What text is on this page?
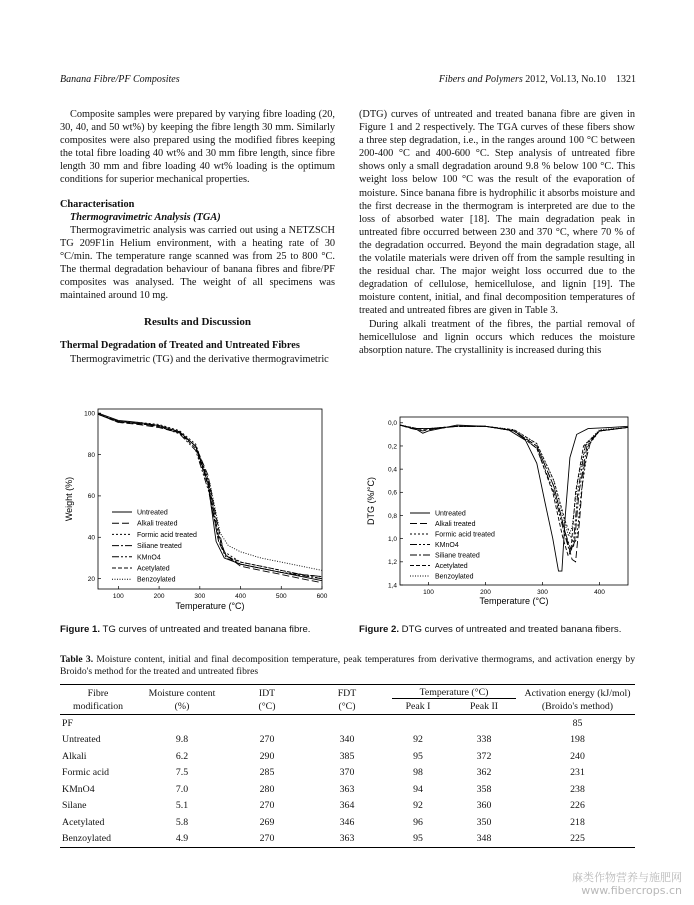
Banana Fibre/PF Composites	Fibers and Polymers 2012, Vol.13, No.10    1321

Composite samples were prepared by varying fibre loading (20, 30, 40, and 50 wt%) by keeping the fibre length 30 mm. Similarly composites were also prepared using the modified fibres keeping the total fibre loading 40 wt% and 30 mm fibre length, since fibre length 30 mm and fibre loading 40 wt% loading is the optimum conditions for superior mechanical properties.

Characterisation

Thermogravimetric Analysis (TGA)

Thermogravimetric analysis was carried out using a NETZSCH TG 209F1in Helium environment, with a heating rate of 30 °C/min. The temperature range scanned was from 25 to 800 °C. The thermal degradation behaviour of banana fibres and fibre/PF composites was analysed. The weight of all specimens was maintained around 10 mg.

Results and Discussion

Thermal Degradation of Treated and Untreated Fibres

Thermogravimetric (TG) and the derivative thermogravimetric

(DTG) curves of untreated and treated banana fibre are given in Figure 1 and 2 respectively. The TGA curves of these fibers show a three step degradation, i.e., in the ranges around 100 °C between 200-400 °C and 400-600 °C. Step analysis of untreated fibre shows only a small degradation around 9.8 % below 100 °C. This weight loss below 100 °C was the result of the evaporation of moisture. Since banana fibre is hydrophilic it absorbs moisture and the first decrease in the thermogram is interpreted are due to the loss of absorbed water [18]. The main degradation peak in untreated fibre occurred between 230 and 370 °C, where 70 % of the degradation occurred. Beyond the main degradation stage, all the volatile materials were driven off from the sample resulting in the residual char. The major weight loss occurred due to the degradation of cellulose, hemicellulose, and lignin [19]. The moisture content, initial, and final decomposition temperatures of treated and untreated fibres are given in Table 3.

During alkali treatment of the fibres, the partial removal of hemicellulose and lignin occurs which reduces the moisture absorption nature. The crystallinity is increased during this

100	200	300	400	500	600
20
40
60
80
100
Temperature (°C)
Weight (%)	Untreated
Alkali treated
Formic acid treated
Siliane treated
KMnO4
Acetylated
Benzoylated
Figure 1. TG curves of untreated and treated banana fibre.
100	200	300	400
0,0
0,2
0,4
0,6
0,8
1,0
1,2
1,4
Temperature (°C)
DTG (%/°C)	Untreated
Alkali treated
Formic acid treated
KMnO4
Siliane treated
Acetylated
Benzoylated
Figure 2. DTG curves of untreated and treated banana fibers.
Table 3. Moisture content, initial and final decomposition temperature, peak temperatures from derivative thermograms, and activation energy by Broido's method for the treated and untreated fibres
Fibre	Moisture content	IDT	FDT	Temperature (°C)		Activation energy (kJ/mol)
modification	(%)	(°C)	(°C)	Peak I	Peak II	(Broido's method)
PF						85
Untreated	9.8	270	340	92	338	198
Alkali	6.2	290	385	95	372	240
Formic acid	7.5	285	370	98	362	231
KMnO4	7.0	280	363	94	358	238
Silane	5.1	270	364	92	360	226
Acetylated	5.8	269	346	96	350	218
Benzoylated	4.9	270	363	95	348	225
麻类作物营养与施肥网
www.fibercrops.cn
